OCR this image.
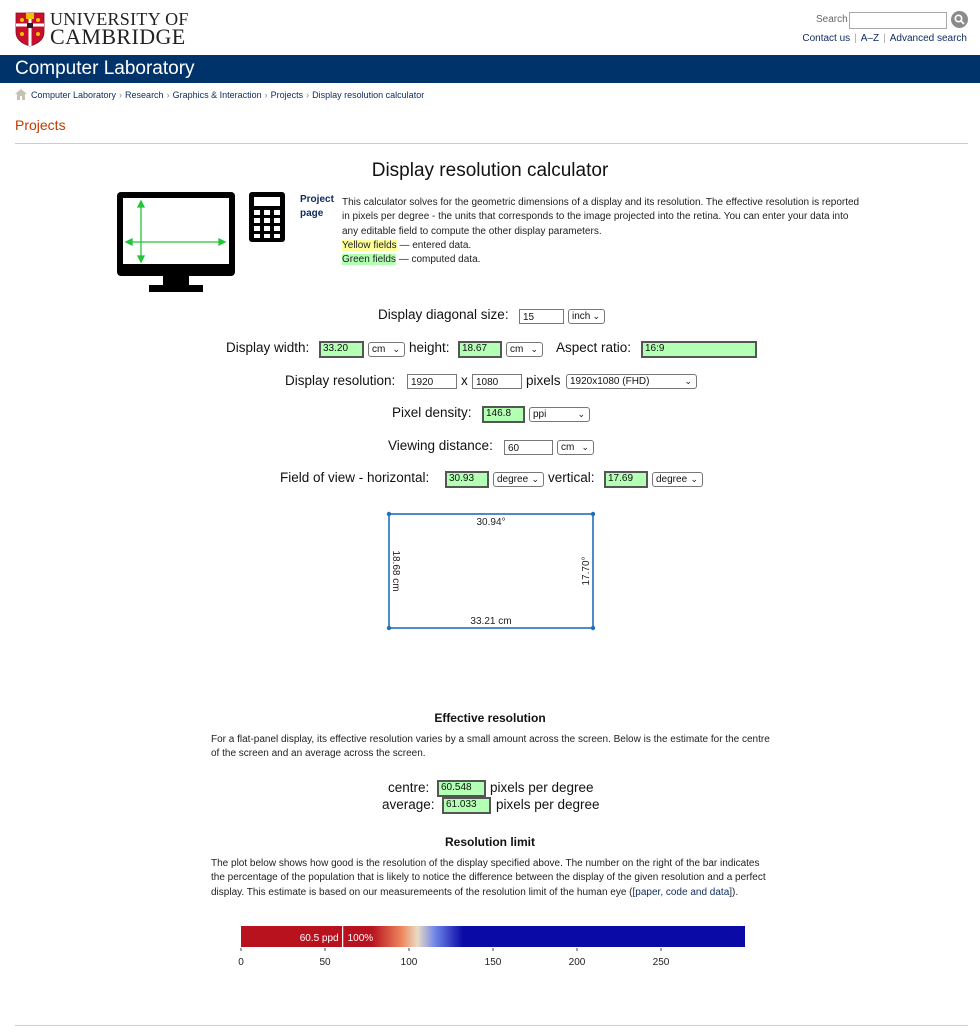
UNIVERSITY OF
CAMBRIDGE
Search
Contact us | A–Z | Advanced search
Computer Laboratory
Computer Laboratory › Research › Graphics & Interaction › Projects › Display resolution calculator
Projects
Display resolution calculator
Project
page
This calculator solves for the geometric dimensions of a display and its resolution. The effective resolution is reported in pixels per degree - the units that corresponds to the image projected into the retina. You can enter your data into any editable field to compute the other display parameters.
Yellow fields — entered data.
Green fields — computed data.
Display diagonal size:	15	inch ⌄
Display width:	33.20	cm ⌄ height:	18.67	cm ⌄ Aspect ratio:	16:9
Display resolution:	1920	x 1080	pixels 1920x1080 (FHD)	⌄
Pixel density:	146.8	ppi	⌄
Viewing distance:	60	cm ⌄
Field of view - horizontal:	30.93	degree ⌄ vertical:	17.69	degree ⌄
30.94°
33.21 cm
18.68 cm	17.70°
Effective resolution
For a flat-panel display, its effective resolution varies by a small amount across the screen. Below is the estimate for the centre of the screen and an average across the screen.
centre:	60.548	pixels per degree
average:	61.033	pixels per degree
Resolution limit
The plot below shows how good is the resolution of the display specified above. The number on the right of the bar indicates the percentage of the population that is likely to notice the difference between the display of the given resolution and a perfect display. This estimate is based on our measuremeents of the resolution limit of the human eye ([paper, code and data]).
60.5 ppd 100%
0	50	100	150	200	250
